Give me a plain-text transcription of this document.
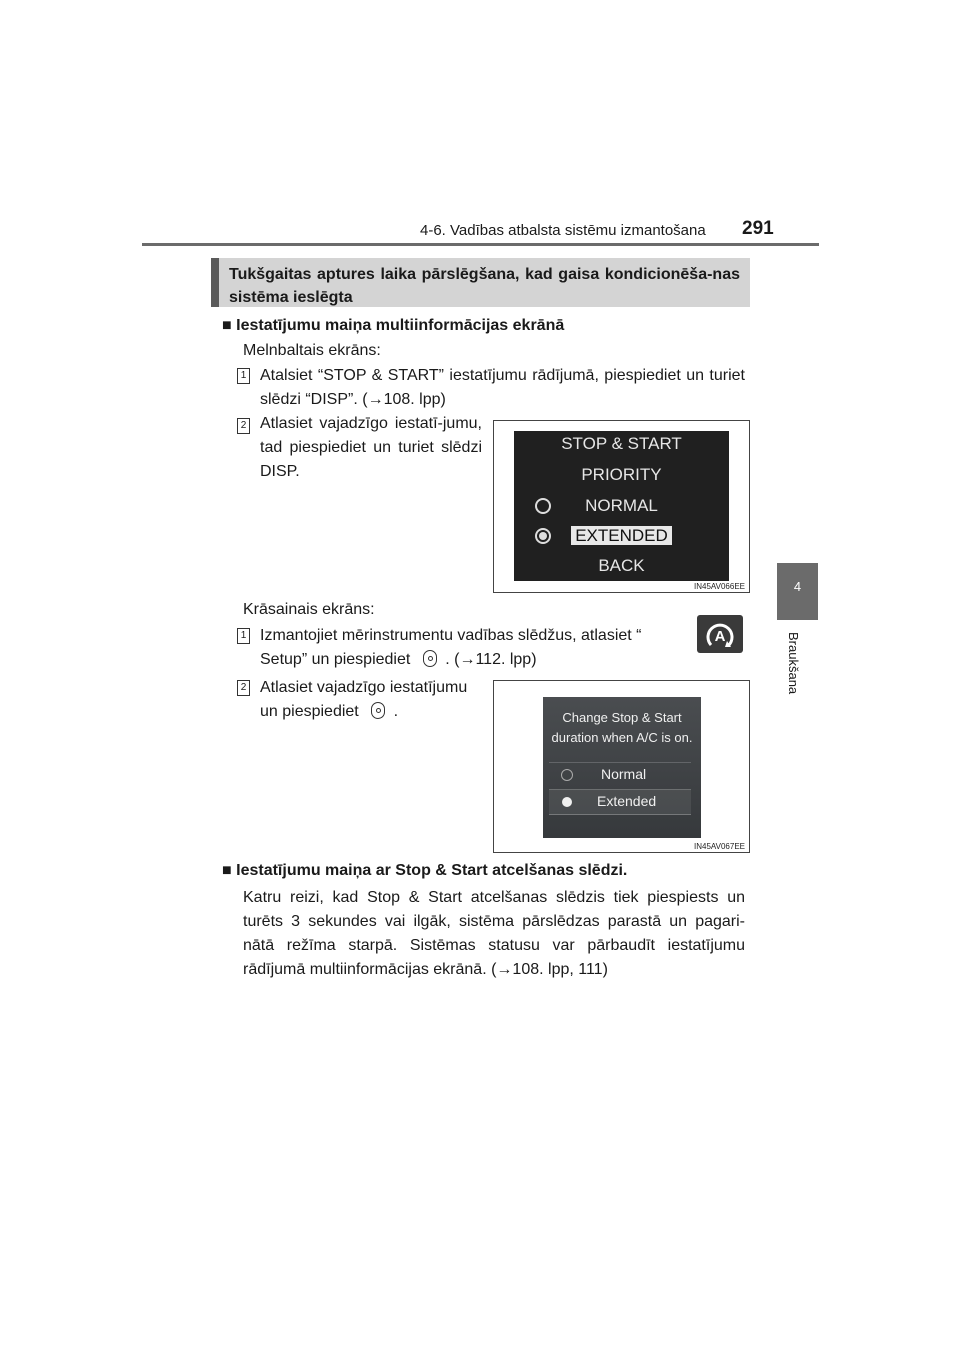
4-6. Vadības atbalsta sistēmu izmantošana 291
4
Braukšana
Tukšgaitas aptures laika pārslēgšana, kad gaisa kondicionēša-nas sistēma ieslēgta
■ Iestatījumu maiņa multiinformācijas ekrānā
Melnbaltais ekrāns:
1 Atalsiet “STOP & START” iestatījumu rādījumā, piespiediet un turiet slēdzi “DISP”. (→108. lpp)
2 Atlasiet vajadzīgo iestatī-jumu, tad piespiediet un turiet slēdzi DISP.
STOP & START
PRIORITY
NORMAL
EXTENDED
BACK
IN45AV066EE
Krāsainais ekrāns:
1 Izmantojiet mērinstrumentu vadības slēdžus, atlasiet “	A
Setup” un piespiediet . (→112. lpp)
2 Atlasiet vajadzīgo iestatījumu
un piespiediet .	Change Stop & Start
duration when A/C is on.
Normal
Extended
IN45AV067EE
■ Iestatījumu maiņa ar Stop & Start atcelšanas slēdzi.
Katru reizi, kad Stop & Start atcelšanas slēdzis tiek piespiests un
turēts 3 sekundes vai ilgāk, sistēma pārslēdzas parastā un pagari-
nātā režīma starpā. Sistēmas statusu var pārbaudīt iestatījumu
rādījumā multiinformācijas ekrānā. (→108. lpp, 111)
